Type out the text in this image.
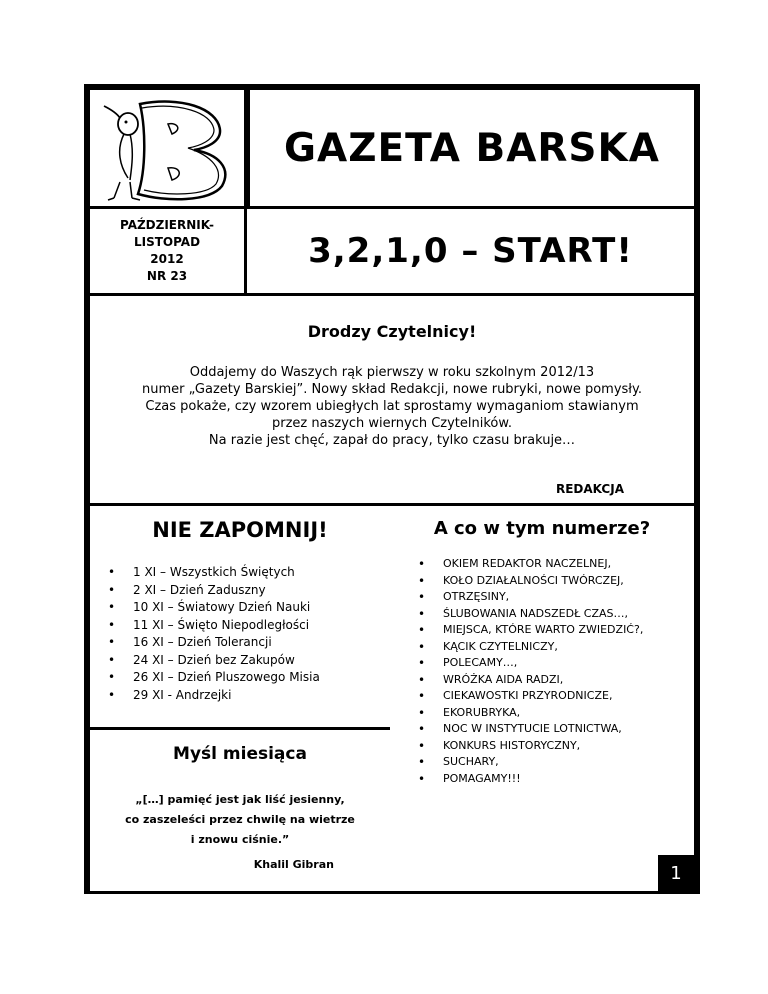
GAZETA BARSKA
PAŹDZIERNIK-
LISTOPAD
2012
NR 23
3,2,1,0 – START!
Drodzy Czytelnicy!
Oddajemy do Waszych rąk pierwszy w roku szkolnym 2012/13
numer „Gazety Barskiej”. Nowy skład Redakcji, nowe rubryki, nowe pomysły.
Czas pokaże, czy wzorem ubiegłych lat sprostamy wymaganiom stawianym
przez naszych wiernych Czytelników.
Na razie jest chęć, zapał do pracy, tylko czasu brakuje…
REDAKCJA
NIE ZAPOMNIJ!
• 1 XI – Wszystkich Świętych
• 2 XI – Dzień Zaduszny
• 10 XI – Światowy Dzień Nauki
• 11 XI – Święto Niepodległości
• 16 XI – Dzień Tolerancji
• 24 XI – Dzień bez Zakupów
• 26 XI – Dzień Pluszowego Misia
• 29 XI - Andrzejki
Myśl miesiąca
„[…] pamięć jest jak liść jesienny,
co zaszeleści przez chwilę na wietrze
i znowu ciśnie.”
Khalil Gibran
A co w tym numerze?
• OKIEM REDAKTOR NACZELNEJ,
• KOŁO DZIAŁALNOŚCI TWÓRCZEJ,
• OTRZĘSINY,
• ŚLUBOWANIA NADSZEDŁ CZAS…,
• MIEJSCA, KTÓRE WARTO ZWIEDZIĆ?,
• KĄCIK CZYTELNICZY,
• POLECAMY…,
• WRÓŻKA AIDA RADZI,
• CIEKAWOSTKI PRZYRODNICZE,
• EKORUBRYKA,
• NOC W INSTYTUCIE LOTNICTWA,
• KONKURS HISTORYCZNY,
• SUCHARY,
• POMAGAMY!!!
1
